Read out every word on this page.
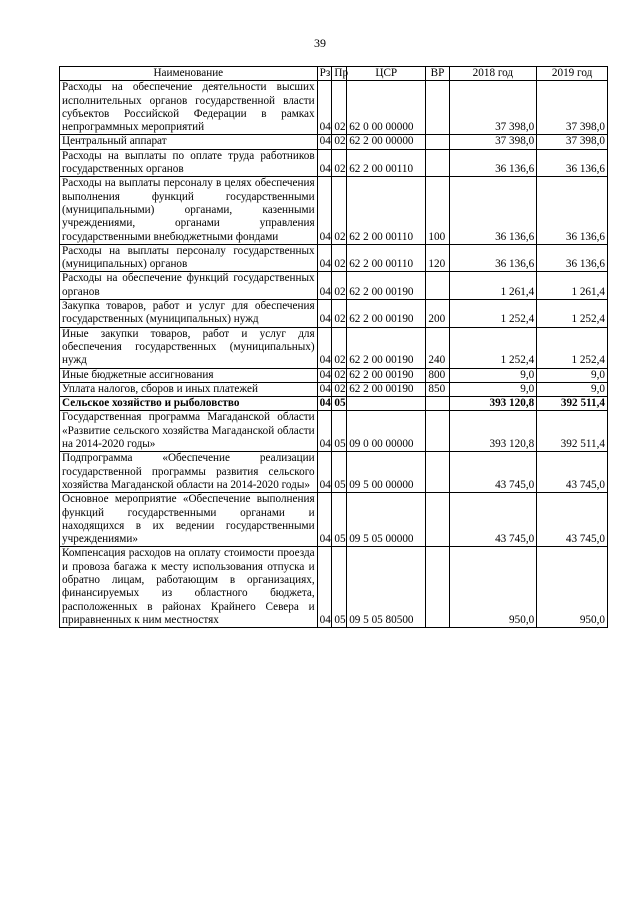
39
Наименование	Рз	Пр	ЦСР	ВР	2018 год	2019 год
Расходы на обеспечение деятельности высших исполнительных органов государственной власти субъектов Российской Федерации в рамках непрограммных мероприятий	04	02	62 0 00 00000		37 398,0	37 398,0
Центральный аппарат	04	02	62 2 00 00000		37 398,0	37 398,0
Расходы на выплаты по оплате труда работников государственных органов	04	02	62 2 00 00110		36 136,6	36 136,6
Расходы на выплаты персоналу в целях обеспечения выполнения функций государственными (муниципальными) органами, казенными учреждениями, органами управления государственными внебюджетными фондами	04	02	62 2 00 00110	100	36 136,6	36 136,6
Расходы на выплаты персоналу государственных (муниципальных) органов	04	02	62 2 00 00110	120	36 136,6	36 136,6
Расходы на обеспечение функций государственных органов	04	02	62 2 00 00190		1 261,4	1 261,4
Закупка товаров, работ и услуг для обеспечения государственных (муниципальных) нужд	04	02	62 2 00 00190	200	1 252,4	1 252,4
Иные закупки товаров, работ и услуг для обеспечения государственных (муниципальных) нужд	04	02	62 2 00 00190	240	1 252,4	1 252,4
Иные бюджетные ассигнования	04	02	62 2 00 00190	800	9,0	9,0
Уплата налогов, сборов и иных платежей	04	02	62 2 00 00190	850	9,0	9,0
Сельское хозяйство и рыболовство	04	05			393 120,8	392 511,4
Государственная программа Магаданской области «Развитие сельского хозяйства Магаданской области на 2014-2020 годы»	04	05	09 0 00 00000		393 120,8	392 511,4
Подпрограмма «Обеспечение реализации государственной программы развития сельского хозяйства Магаданской области на 2014-2020 годы»	04	05	09 5 00 00000		43 745,0	43 745,0
Основное мероприятие «Обеспечение выполнения функций государственными органами и находящихся в их ведении государственными учреждениями»	04	05	09 5 05 00000		43 745,0	43 745,0
Компенсация расходов на оплату стоимости проезда и провоза багажа к месту использования отпуска и обратно лицам, работающим в организациях, финансируемых из областного бюджета, расположенных в районах Крайнего Севера и приравненных к ним местностях	04	05	09 5 05 80500		950,0	950,0
